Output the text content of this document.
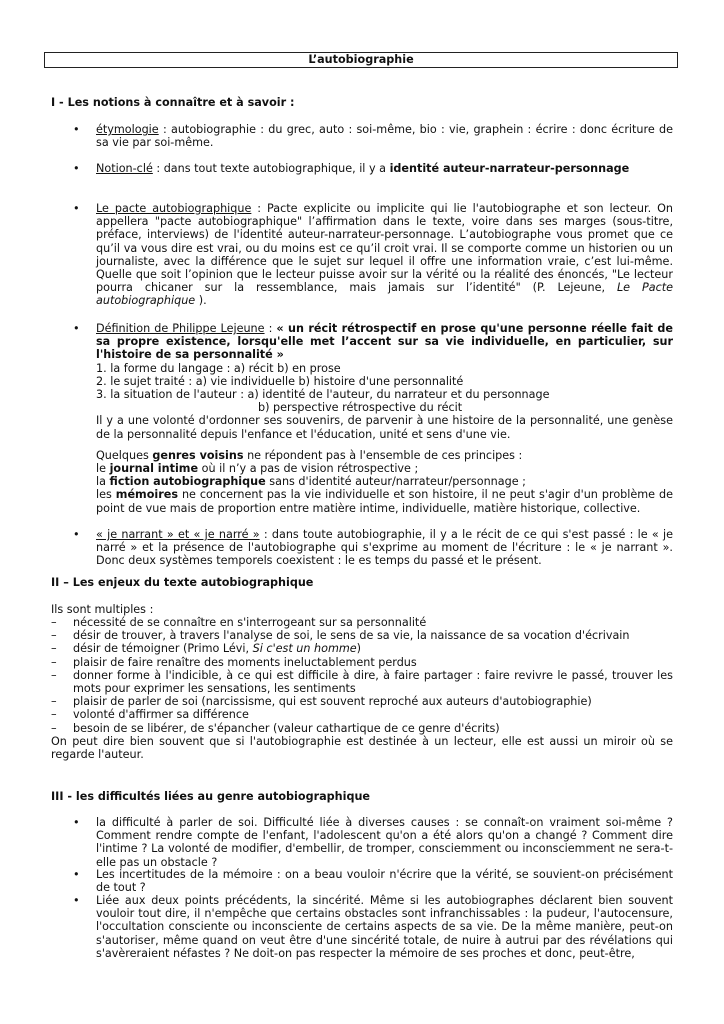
L’autobiographie
I - Les notions à connaître et à savoir :
• étymologie : autobiographie : du grec, auto : soi-même, bio : vie, graphein : écrire : donc écriture de sa vie par soi-même.
• Notion-clé : dans tout texte autobiographique, il y a identité auteur-narrateur-personnage
• Le pacte autobiographique : Pacte explicite ou implicite qui lie l'autobiographe et son lecteur. On appellera "pacte autobiographique" l’affirmation dans le texte, voire dans ses marges (sous-titre, préface, interviews) de l'identité auteur-narrateur-personnage. L’autobiographe vous promet que ce qu’il va vous dire est vrai, ou du moins est ce qu’il croit vrai. Il se comporte comme un historien ou un journaliste, avec la différence que le sujet sur lequel il offre une information vraie, c’est lui-même. Quelle que soit l’opinion que le lecteur puisse avoir sur la vérité ou la réalité des énoncés, "Le lecteur pourra chicaner sur la ressemblance, mais jamais sur l’identité" (P. Lejeune, Le Pacte autobiographique ).
• Définition de Philippe Lejeune : « un récit rétrospectif en prose qu'une personne réelle fait de sa propre existence, lorsqu'elle met l’accent sur sa vie individuelle, en particulier, sur l'histoire de sa personnalité »

1. la forme du langage : a) récit b) en prose

2. le sujet traité : a) vie individuelle b) histoire d'une personnalité

3. la situation de l'auteur : a) identité de l'auteur, du narrateur et du personnage

b) perspective rétrospective du récit

Il y a une volonté d'ordonner ses souvenirs, de parvenir à une histoire de la personnalité, une genèse de la personnalité depuis l'enfance et l'éducation, unité et sens d'une vie.

Quelques genres voisins ne répondent pas à l'ensemble de ces principes :

le journal intime où il n’y a pas de vision rétrospective ;

la fiction autobiographique sans d'identité auteur/narrateur/personnage ;

les mémoires ne concernent pas la vie individuelle et son histoire, il ne peut s'agir d'un problème de point de vue mais de proportion entre matière intime, individuelle, matière historique, collective.

• « je narrant » et « je narré » : dans toute autobiographie, il y a le récit de ce qui s'est passé : le « je narré » et la présence de l'autobiographe qui s'exprime au moment de l'écriture : le « je narrant ». Donc deux systèmes temporels coexistent : le es temps du passé et le présent.
II – Les enjeux du texte autobiographique

Ils sont multiples :

– nécessité de se connaître en s'interrogeant sur sa personnalité
– désir de trouver, à travers l'analyse de soi, le sens de sa vie, la naissance de sa vocation d'écrivain
– désir de témoigner (Primo Lévi, Si c'est un homme)
– plaisir de faire renaître des moments ineluctablement perdus
– donner forme à l'indicible, à ce qui est difficile à dire, à faire partager : faire revivre le passé, trouver les mots pour exprimer les sensations, les sentiments
– plaisir de parler de soi (narcissisme, qui est souvent reproché aux auteurs d'autobiographie)
– volonté d'affirmer sa différence
– besoin de se libérer, de s'épancher (valeur cathartique de ce genre d'écrits)

On peut dire bien souvent que si l'autobiographie est destinée à un lecteur, elle est aussi un miroir où se regarde l'auteur.

III - les difficultés liées au genre autobiographique
• la difficulté à parler de soi. Difficulté liée à diverses causes : se connaît-on vraiment soi-même ? Comment rendre compte de l'enfant, l'adolescent qu'on a été alors qu'on a changé ? Comment dire l'intime ? La volonté de modifier, d'embellir, de tromper, consciemment ou inconsciemment ne sera-t-elle pas un obstacle ?
• Les incertitudes de la mémoire : on a beau vouloir n'écrire que la vérité, se souvient-on précisément de tout ?
• Liée aux deux points précédents, la sincérité. Même si les autobiographes déclarent bien souvent vouloir tout dire, il n'empêche que certains obstacles sont infranchissables : la pudeur, l'autocensure, l'occultation consciente ou inconsciente de certains aspects de sa vie. De la même manière, peut-on s'autoriser, même quand on veut être d'une sincérité totale, de nuire à autrui par des révélations qui s'avèreraient néfastes ? Ne doit-on pas respecter la mémoire de ses proches et donc, peut-être,
